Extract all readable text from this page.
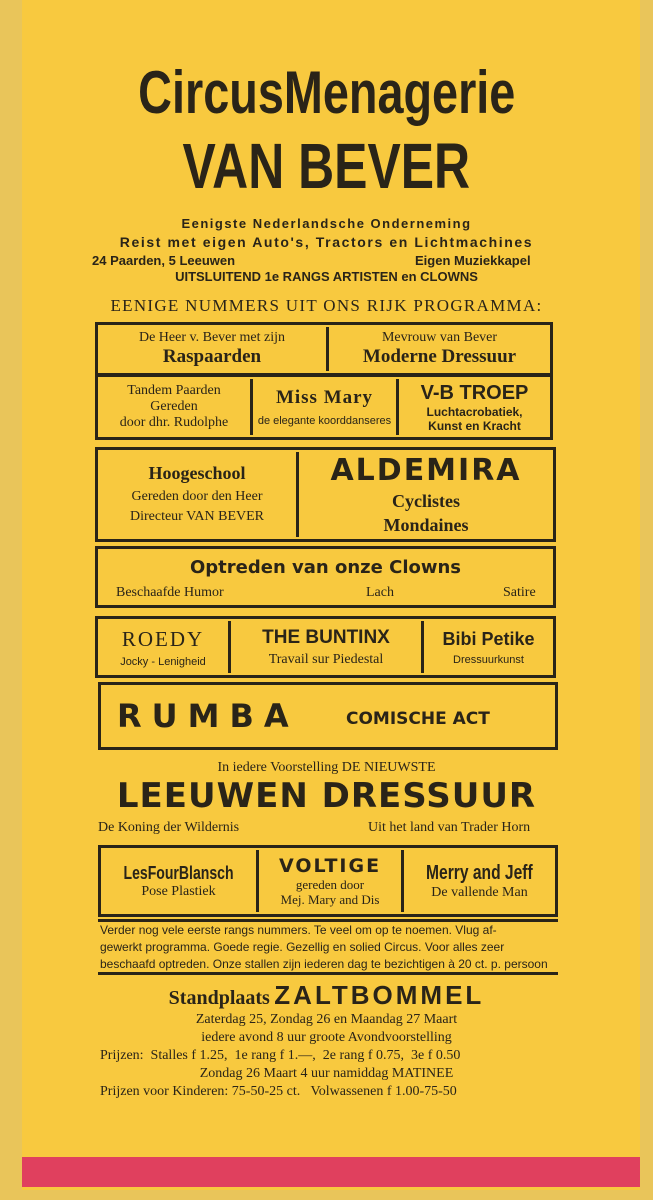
CircusMenagerie
VAN BEVER
Eenigste Nederlandsche Onderneming
Reist met eigen Auto's, Tractors en Lichtmachines
24 Paarden, 5 Leeuwen	Eigen Muziekkapel
UITSLUITEND 1e RANGS ARTISTEN en CLOWNS
EENIGE NUMMERS UIT ONS RIJK PROGRAMMA:
De Heer v. Bever met zijn
Raspaarden
Mevrouw van Bever
Moderne Dressuur
Tandem Paarden
Gereden
door dhr. Rudolphe
Miss Mary
de elegante koorddanseres
V-B TROEP
Luchtacrobatiek,
Kunst en Kracht
Hoogeschool
Gereden door den Heer
Directeur VAN BEVER
ALDEMIRA
Cyclistes
Mondaines
Optreden van onze Clowns
Beschaafde Humor	Lach	Satire
ROEDY
Jocky - Lenigheid
THE BUNTINX
Travail sur Piedestal
Bibi Petike
Dressuurkunst
RUMBA	COMISCHE ACT
In iedere Voorstelling DE NIEUWSTE
LEEUWEN DRESSUUR
De Koning der Wildernis	Uit het land van Trader Horn
LesFourBlansch
Pose Plastiek
VOLTIGE
gereden door
Mej. Mary and Dis
Merry and Jeff
De vallende Man
Verder nog vele eerste rangs nummers. Te veel om op te noemen. Vlug af-
gewerkt programma. Goede regie. Gezellig en solied Circus. Voor alles zeer
beschaafd optreden. Onze stallen zijn iederen dag te bezichtigen à 20 ct. p. persoon
Standplaats ZALTBOMMEL
Zaterdag 25, Zondag 26 en Maandag 27 Maart
iedere avond 8 uur groote Avondvoorstelling
Prijzen:  Stalles f 1.25,  1e rang f 1.—,  2e rang f 0.75,  3e f 0.50
Zondag 26 Maart 4 uur namiddag MATINEE
Prijzen voor Kinderen: 75-50-25 ct.   Volwassenen f 1.00-75-50
